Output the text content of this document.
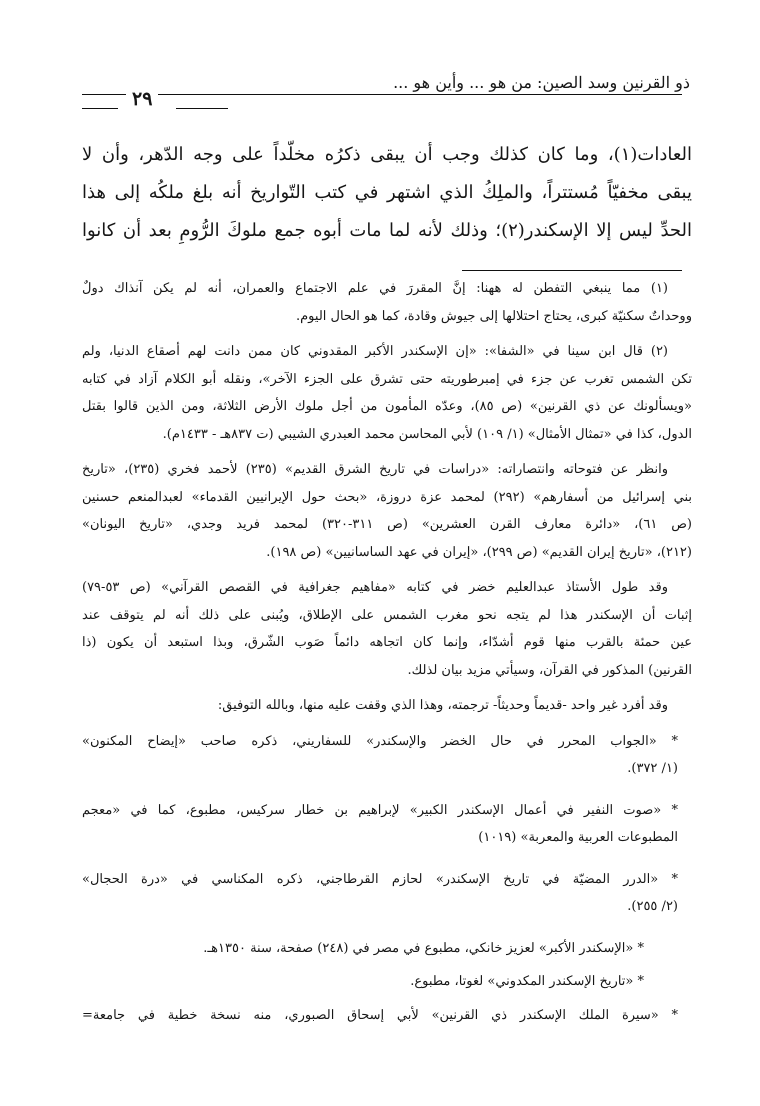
ذو القرنين وسد الصين: من هو ... وأين هو ...
٢٩
العادات(١)، وما كان كذلك وجب أن يبقى ذكرُه مخلّداً على وجه الدّهر، وأن لا
يبقى مخفيّاً مُستتراً، والملِكُ الذي اشتهر في كتب التّواريخ أنه بلغ ملكُه إلى هذا
الحدِّ ليس إلا الإسكندر(٢)؛ وذلك لأنه لما مات أبوه جمع ملوكَ الرُّومِ بعد أن كانوا
(١) مما ينبغي التفطن له ههنا: إنَّ المقررَ في علم الاجتماع والعمران، أنه لم يكن آنذاك دولٌ
ووحداتٌ سكنيّة كبرى، يحتاج احتلالها إلى جيوش وقادة، كما هو الحال اليوم.
(٢) قال ابن سينا في «الشفا»: «إن الإسكندر الأكبر المقدوني كان ممن دانت لهم أصقاع الدنيا، ولم
تكن الشمس تغرب عن جزء في إمبرطوريته حتى تشرق على الجزء الآخر»، ونقله أبو الكلام آزاد في كتابه
«ويسألونك عن ذي القرنين» (ص ٨٥)، وعدّه المأمون من أجل ملوك الأرض الثلاثة، ومن الذين قالوا بقتل
الدول، كذا في «تمثال الأمثال» (١/ ١٠٩) لأبي المحاسن محمد العبدري الشيبي (ت ٨٣٧هـ - ١٤٣٣م).
وانظر عن فتوحاته وانتصاراته: «دراسات في تاريخ الشرق القديم» (٢٣٥) لأحمد فخري (٢٣٥)، «تاريخ
بني إسرائيل من أسفارهم» (٢٩٢) لمحمد عزة دروزة، «بحث حول الإيرانيين القدماء» لعبدالمنعم حسنين
(ص ٦١)، «دائرة معارف القرن العشرين» (ص ٣١١-٣٢٠) لمحمد فريد وجدي، «تاريخ اليونان»
(٢١٢)، «تاريخ إيران القديم» (ص ٢٩٩)، «إيران في عهد الساسانيين» (ص ١٩٨).
وقد طول الأستاذ عبدالعليم خضر في كتابه «مفاهيم جغرافية في القصص القرآني» (ص ٥٣-٧٩)
إثبات أن الإسكندر هذا لم يتجه نحو مغرب الشمس على الإطلاق، ويُبنى على ذلك أنه لم يتوقف عند
عين حمئة بالقرب منها قوم أشدّاء، وإنما كان اتجاهه دائماً صَوب الشّرق، وبذا استبعد أن يكون (ذا
القرنين) المذكور في القرآن، وسيأتي مزيد بيان لذلك.
وقد أفرد غير واحد -قديماً وحديثاً- ترجمته، وهذا الذي وقفت عليه منها، وبالله التوفيق:
* «الجواب المحرر في حال الخضر والإسكندر» للسفاريني، ذكره صاحب «إيضاح المكنون»
(١/ ٣٧٢).
* «صوت النفير في أعمال الإسكندر الكبير» لإبراهيم بن خطار سركيس، مطبوع، كما في «معجم
المطبوعات العربية والمعربة» (١٠١٩)
* «الدرر المضيّة في تاريخ الإسكندر» لحازم القرطاجني، ذكره المكناسي في «درة الحجال»
(٢/ ٢٥٥).
* «الإسكندر الأكبر» لعزيز خانكي، مطبوع في مصر في (٢٤٨) صفحة، سنة ١٣٥٠هـ.
* «تاريخ الإسكندر المكدوني» لغوتا، مطبوع.
* «سيرة الملك الإسكندر ذي القرنين» لأبي إسحاق الصبوري، منه نسخة خطية في جامعة=
